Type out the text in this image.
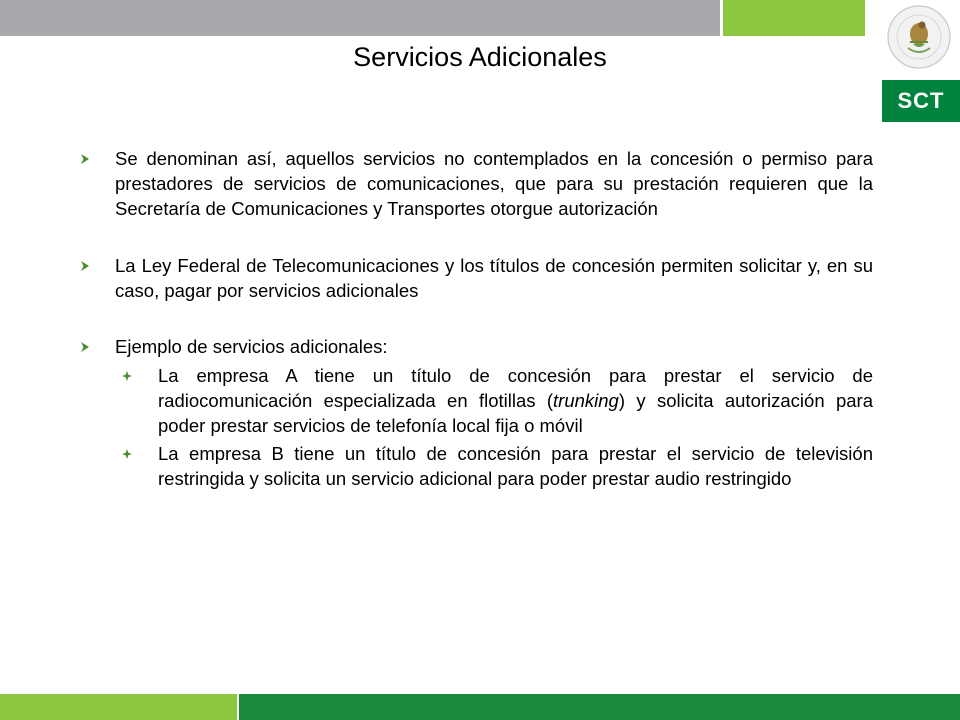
SCT
Servicios Adicionales
Se denominan así, aquellos servicios no contemplados en la concesión o permiso para prestadores de servicios de comunicaciones, que para su prestación requieren que la Secretaría de Comunicaciones y Transportes otorgue autorización
La Ley Federal de Telecomunicaciones y los títulos de concesión permiten solicitar y, en su caso, pagar por servicios adicionales
Ejemplo de servicios adicionales:
La empresa A tiene un título de concesión para prestar el servicio de radiocomunicación especializada en flotillas (trunking) y solicita autorización para poder prestar servicios de telefonía local fija o móvil
La empresa B tiene un título de concesión para prestar el servicio de televisión restringida y solicita un servicio adicional para poder prestar audio restringido
